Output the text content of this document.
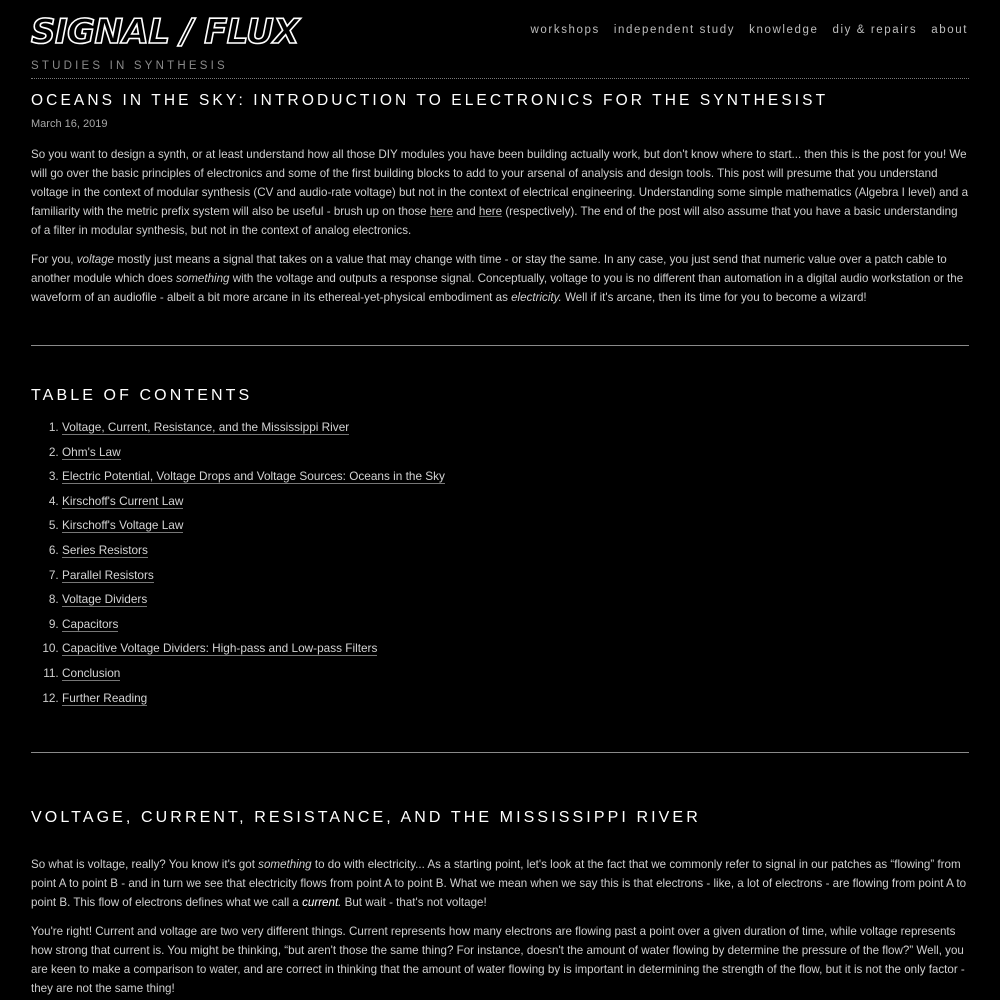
SIGNAL / FLUX
STUDIES IN SYNTHESIS
workshops independent study knowledge diy & repairs about
OCEANS IN THE SKY: INTRODUCTION TO ELECTRONICS FOR THE SYNTHESIST
March 16, 2019

So you want to design a synth, or at least understand how all those DIY modules you have been building actually work, but don't know where to start... then this is the post for you! We will go over the basic principles of electronics and some of the first building blocks to add to your arsenal of analysis and design tools. This post will presume that you understand voltage in the context of modular synthesis (CV and audio-rate voltage) but not in the context of electrical engineering. Understanding some simple mathematics (Algebra I level) and a familiarity with the metric prefix system will also be useful - brush up on those here and here (respectively). The end of the post will also assume that you have a basic understanding of a filter in modular synthesis, but not in the context of analog electronics.

For you, voltage mostly just means a signal that takes on a value that may change with time - or stay the same. In any case, you just send that numeric value over a patch cable to another module which does something with the voltage and outputs a response signal. Conceptually, voltage to you is no different than automation in a digital audio workstation or the waveform of an audiofile - albeit a bit more arcane in its ethereal-yet-physical embodiment as electricity. Well if it's arcane, then its time for you to become a wizard!

TABLE OF CONTENTS
1. Voltage, Current, Resistance, and the Mississippi River
2. Ohm's Law
3. Electric Potential, Voltage Drops and Voltage Sources: Oceans in the Sky
4. Kirschoff's Current Law
5. Kirschoff's Voltage Law
6. Series Resistors
7. Parallel Resistors
8. Voltage Dividers
9. Capacitors
10. Capacitive Voltage Dividers: High-pass and Low-pass Filters
11. Conclusion
12. Further Reading
VOLTAGE, CURRENT, RESISTANCE, AND THE MISSISSIPPI RIVER

So what is voltage, really? You know it's got something to do with electricity... As a starting point, let's look at the fact that we commonly refer to signal in our patches as “flowing” from point A to point B - and in turn we see that electricity flows from point A to point B. What we mean when we say this is that electrons - like, a lot of electrons - are flowing from point A to point B. This flow of electrons defines what we call a current. But wait - that's not voltage!

You're right! Current and voltage are two very different things. Current represents how many electrons are flowing past a point over a given duration of time, while voltage represents how strong that current is. You might be thinking, “but aren't those the same thing? For instance, doesn't the amount of water flowing by determine the pressure of the flow?” Well, you are keen to make a comparison to water, and are correct in thinking that the amount of water flowing by is important in determining the strength of the flow, but it is not the only factor - they are not the same thing!
